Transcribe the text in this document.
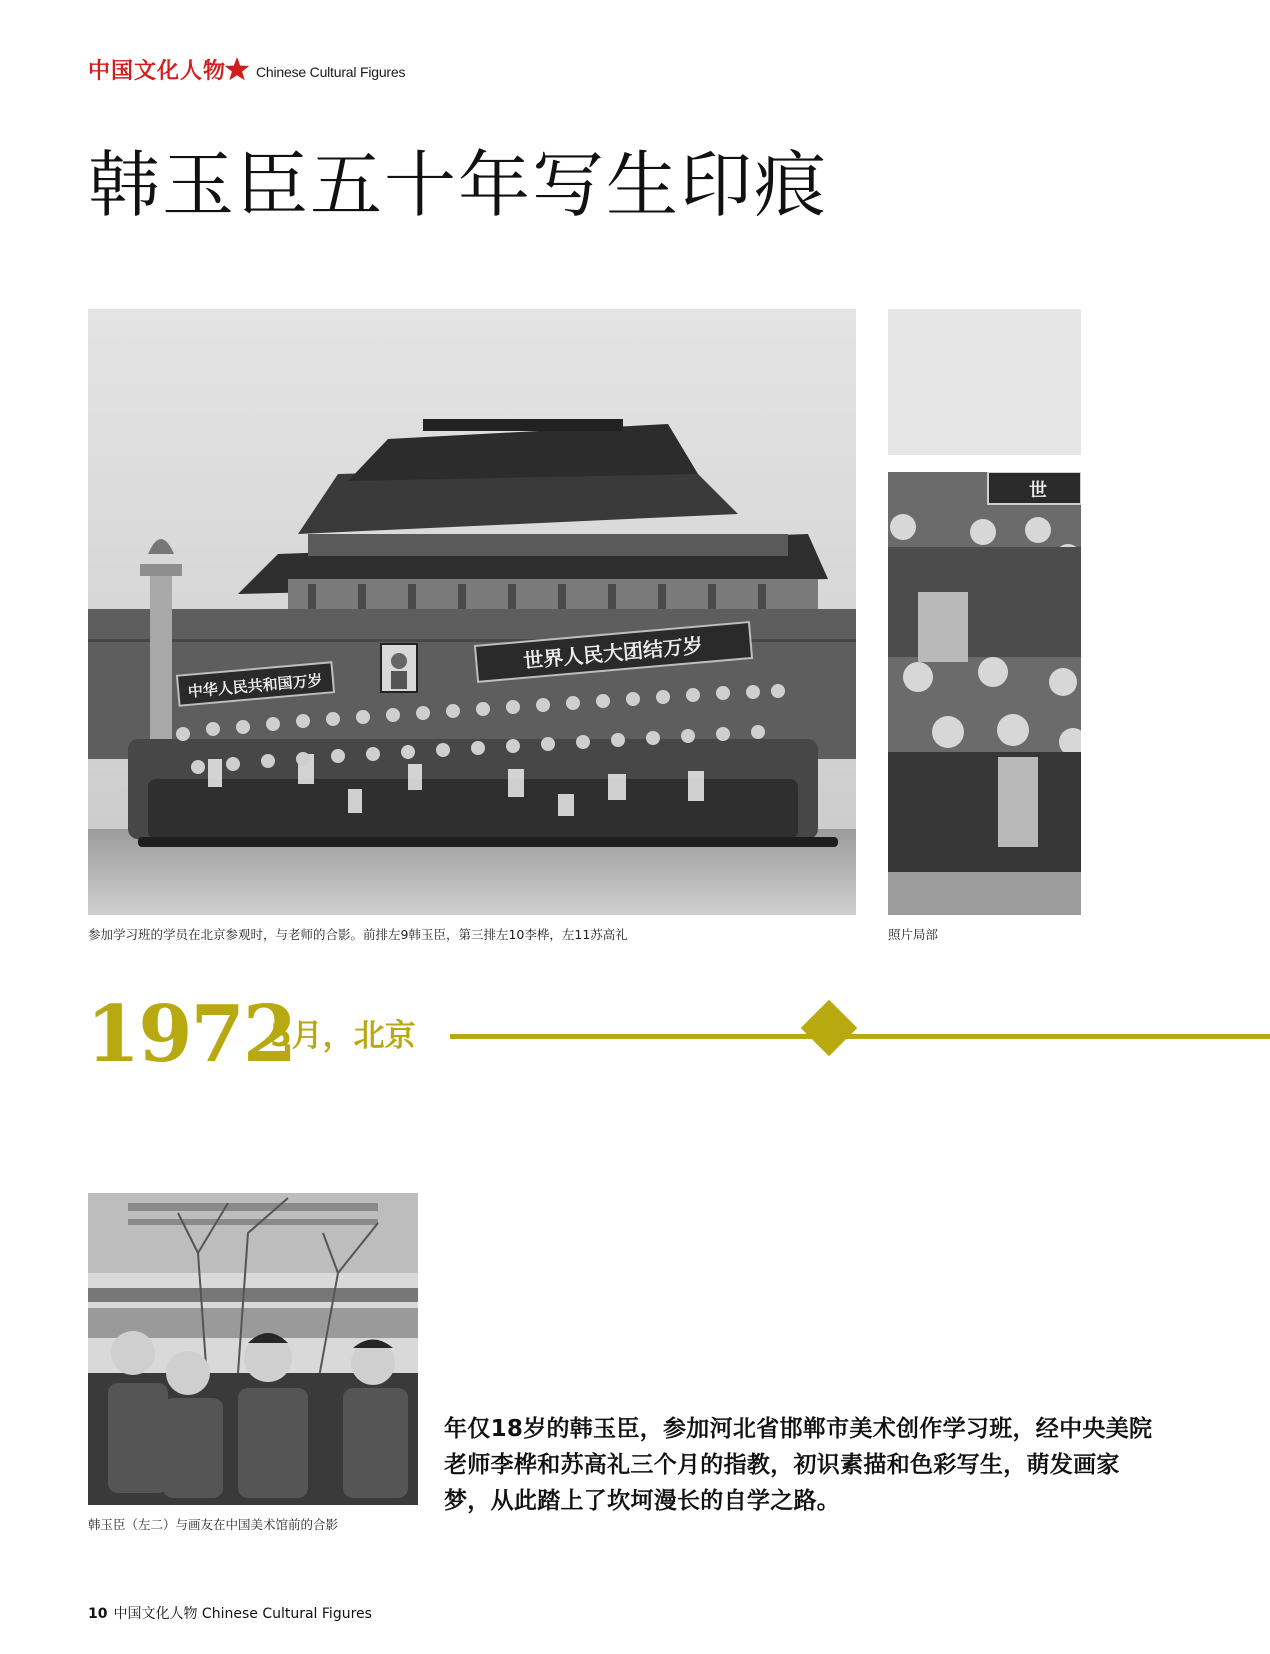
中国文化人物 Chinese Cultural Figures
韩玉臣五十年写生印痕
中华人民共和国万岁
世界人民大团结万岁
参加学习班的学员在北京参观时，与老师的合影。前排左9韩玉臣，第三排左10李桦，左11苏高礼
世
照片局部
1972
5月，北京
韩玉臣（左二）与画友在中国美术馆前的合影

年仅18岁的韩玉臣，参加河北省邯郸市美术创作学习班，经中央美院老师李桦和苏高礼三个月的指教，初识素描和色彩写生，萌发画家梦，从此踏上了坎坷漫长的自学之路。

10 中国文化人物 Chinese Cultural Figures
